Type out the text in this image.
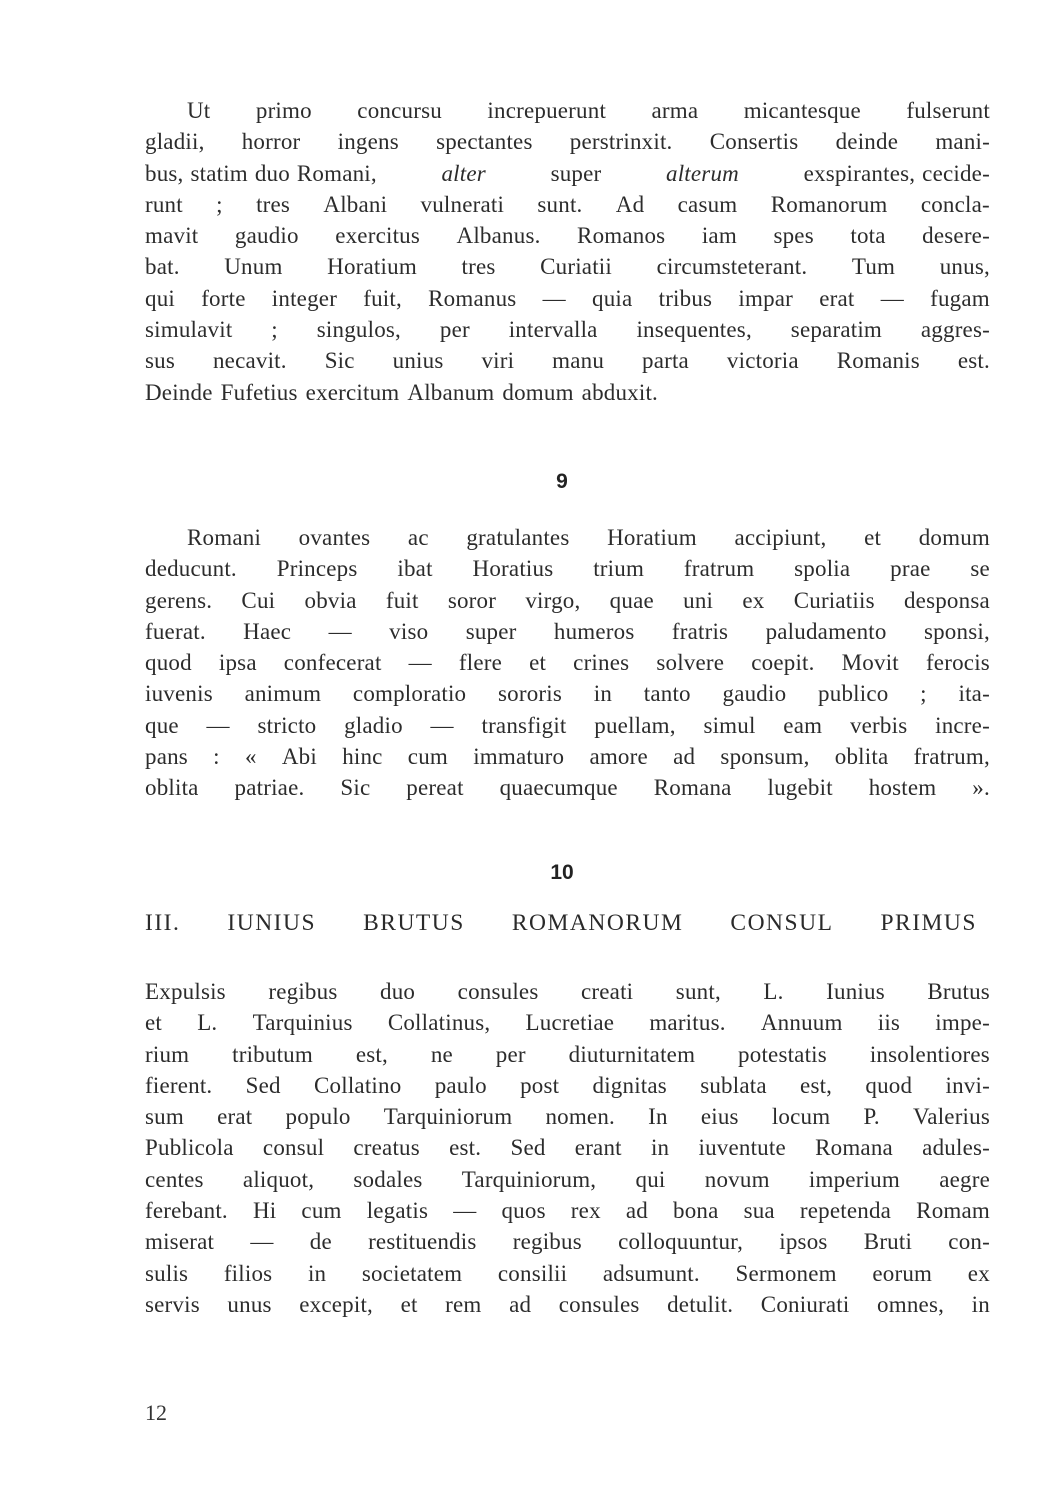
Ut primo concursu increpuerunt arma micantesque fulserunt
gladii, horror ingens spectantes perstrinxit. Consertis deinde mani-
bus, statim duo Romani,	alter	super	alterum	exspirantes, cecide-
runt ; tres Albani vulnerati sunt. Ad casum Romanorum concla-
mavit gaudio exercitus Albanus. Romanos iam spes tota desere-
bat. Unum Horatium tres Curiatii circumsteterant. Tum unus,
qui forte integer fuit, Romanus — quia tribus impar erat — fugam
simulavit ; singulos, per intervalla insequentes, separatim aggres-
sus necavit. Sic unius viri manu parta victoria Romanis est.
Deinde Fufetius exercitum Albanum domum abduxit.
9
Romani ovantes ac gratulantes Horatium accipiunt, et domum
deducunt. Princeps ibat Horatius trium fratrum spolia prae se
gerens. Cui obvia fuit soror virgo, quae uni ex Curiatiis desponsa
fuerat. Haec — viso super humeros fratris paludamento sponsi,
quod ipsa confecerat — flere et crines solvere coepit. Movit ferocis
iuvenis animum comploratio sororis in tanto gaudio publico ; ita-
que — stricto gladio — transfigit puellam, simul eam verbis incre-
pans : « Abi hinc cum immaturo amore ad sponsum, oblita fratrum,
oblita patriae. Sic pereat quaecumque Romana lugebit hostem ».
10
III. IUNIUS BRUTUS ROMANORUM CONSUL PRIMUS
Expulsis regibus duo consules creati sunt, L. Iunius Brutus
et L. Tarquinius Collatinus, Lucretiae maritus. Annuum iis impe-
rium tributum est, ne per diuturnitatem potestatis insolentiores
fierent. Sed Collatino paulo post dignitas sublata est, quod invi-
sum erat populo Tarquiniorum nomen. In eius locum P. Valerius
Publicola consul creatus est. Sed erant in iuventute Romana adules-
centes aliquot, sodales Tarquiniorum, qui novum imperium aegre
ferebant. Hi cum legatis — quos rex ad bona sua repetenda Romam
miserat — de restituendis regibus colloquuntur, ipsos Bruti con-
sulis filios in societatem consilii adsumunt. Sermonem eorum ex
servis unus excepit, et rem ad consules detulit. Coniurati omnes, in
12
